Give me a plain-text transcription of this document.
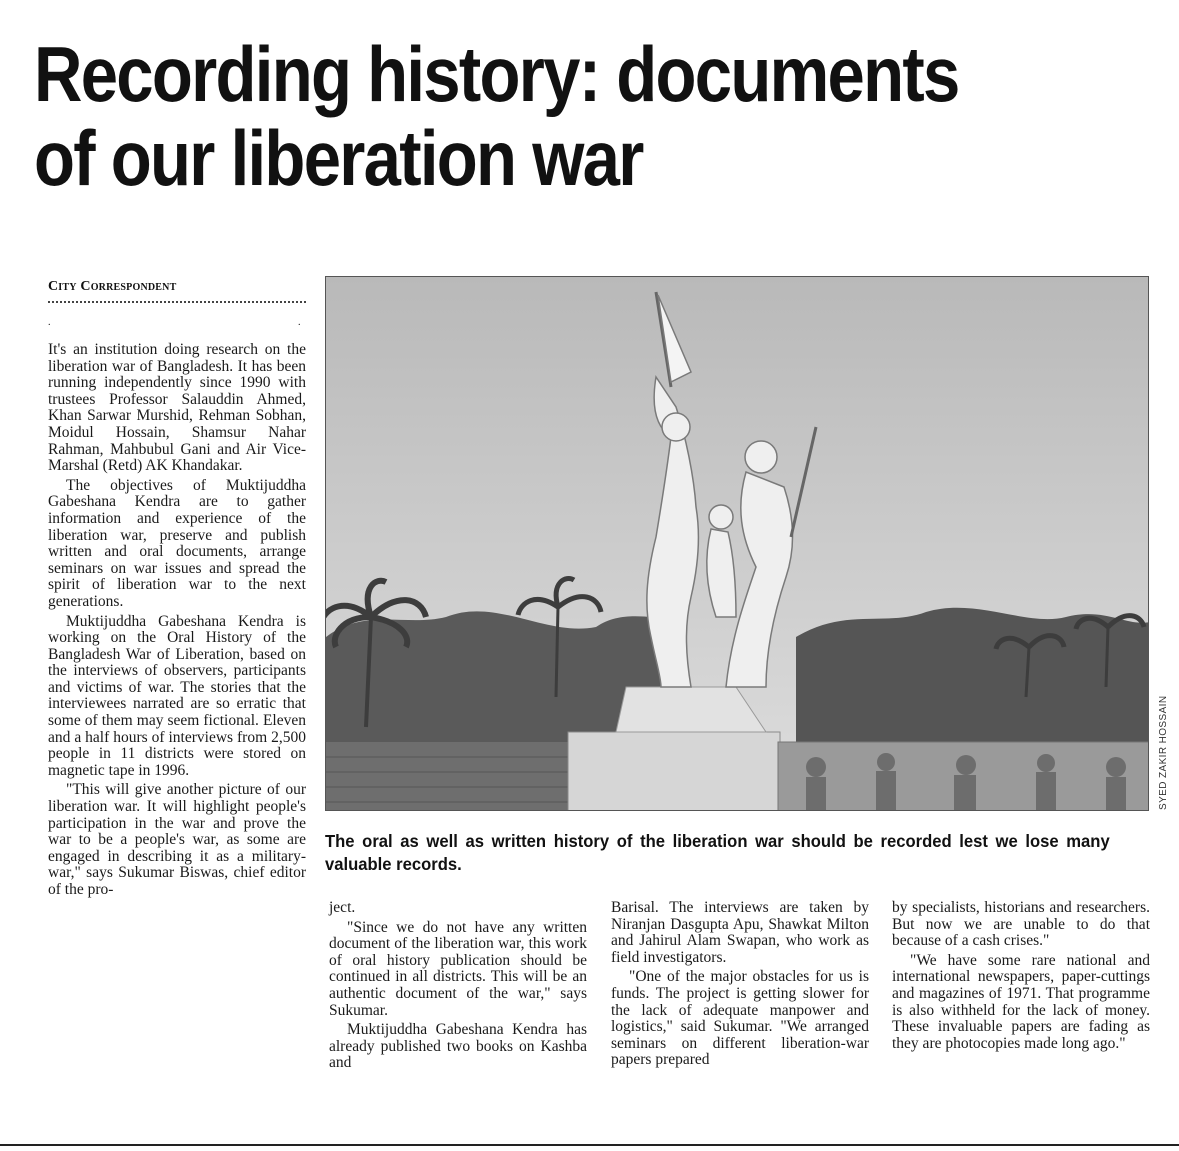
Recording history: documents
of our liberation war
City Correspondent
.	.

It's an institution doing research on the liberation war of Bangladesh. It has been running independently since 1990 with trustees Professor Salauddin Ahmed, Khan Sarwar Murshid, Rehman Sobhan, Moidul Hossain, Shamsur Nahar Rahman, Mahbubul Gani and Air Vice-Marshal (Retd) AK Khandakar.

The objectives of Muktijuddha Gabeshana Kendra are to gather information and experience of the liberation war, preserve and publish written and oral documents, arrange seminars on war issues and spread the spirit of liberation war to the next generations.

Muktijuddha Gabeshana Kendra is working on the Oral History of the Bangladesh War of Liberation, based on the interviews of observers, participants and victims of war. The stories that the interviewees narrated are so erratic that some of them may seem fictional. Eleven and a half hours of interviews from 2,500 people in 11 districts were stored on magnetic tape in 1996.

"This will give another picture of our liberation war. It will highlight people's participation in the war and prove the war to be a people's war, as some are engaged in describing it as a military-war," says Sukumar Biswas, chief editor of the pro-

SYED ZAKIR HOSSAIN
The oral as well as written history of the liberation war should be recorded lest we lose many valuable records.

ject.

"Since we do not have any written document of the liberation war, this work of oral history publication should be continued in all districts. This will be an authentic document of the war," says Sukumar.

Muktijuddha Gabeshana Kendra has already published two books on Kashba and

Barisal. The interviews are taken by Niranjan Dasgupta Apu, Shawkat Milton and Jahirul Alam Swapan, who work as field investigators.

"One of the major obstacles for us is funds. The project is getting slower for the lack of adequate manpower and logistics," said Sukumar. "We arranged seminars on different liberation-war papers prepared

by specialists, historians and researchers. But now we are unable to do that because of a cash crises."

"We have some rare national and international newspapers, paper-cuttings and magazines of 1971. That programme is also withheld for the lack of money. These invaluable papers are fading as they are photocopies made long ago."
